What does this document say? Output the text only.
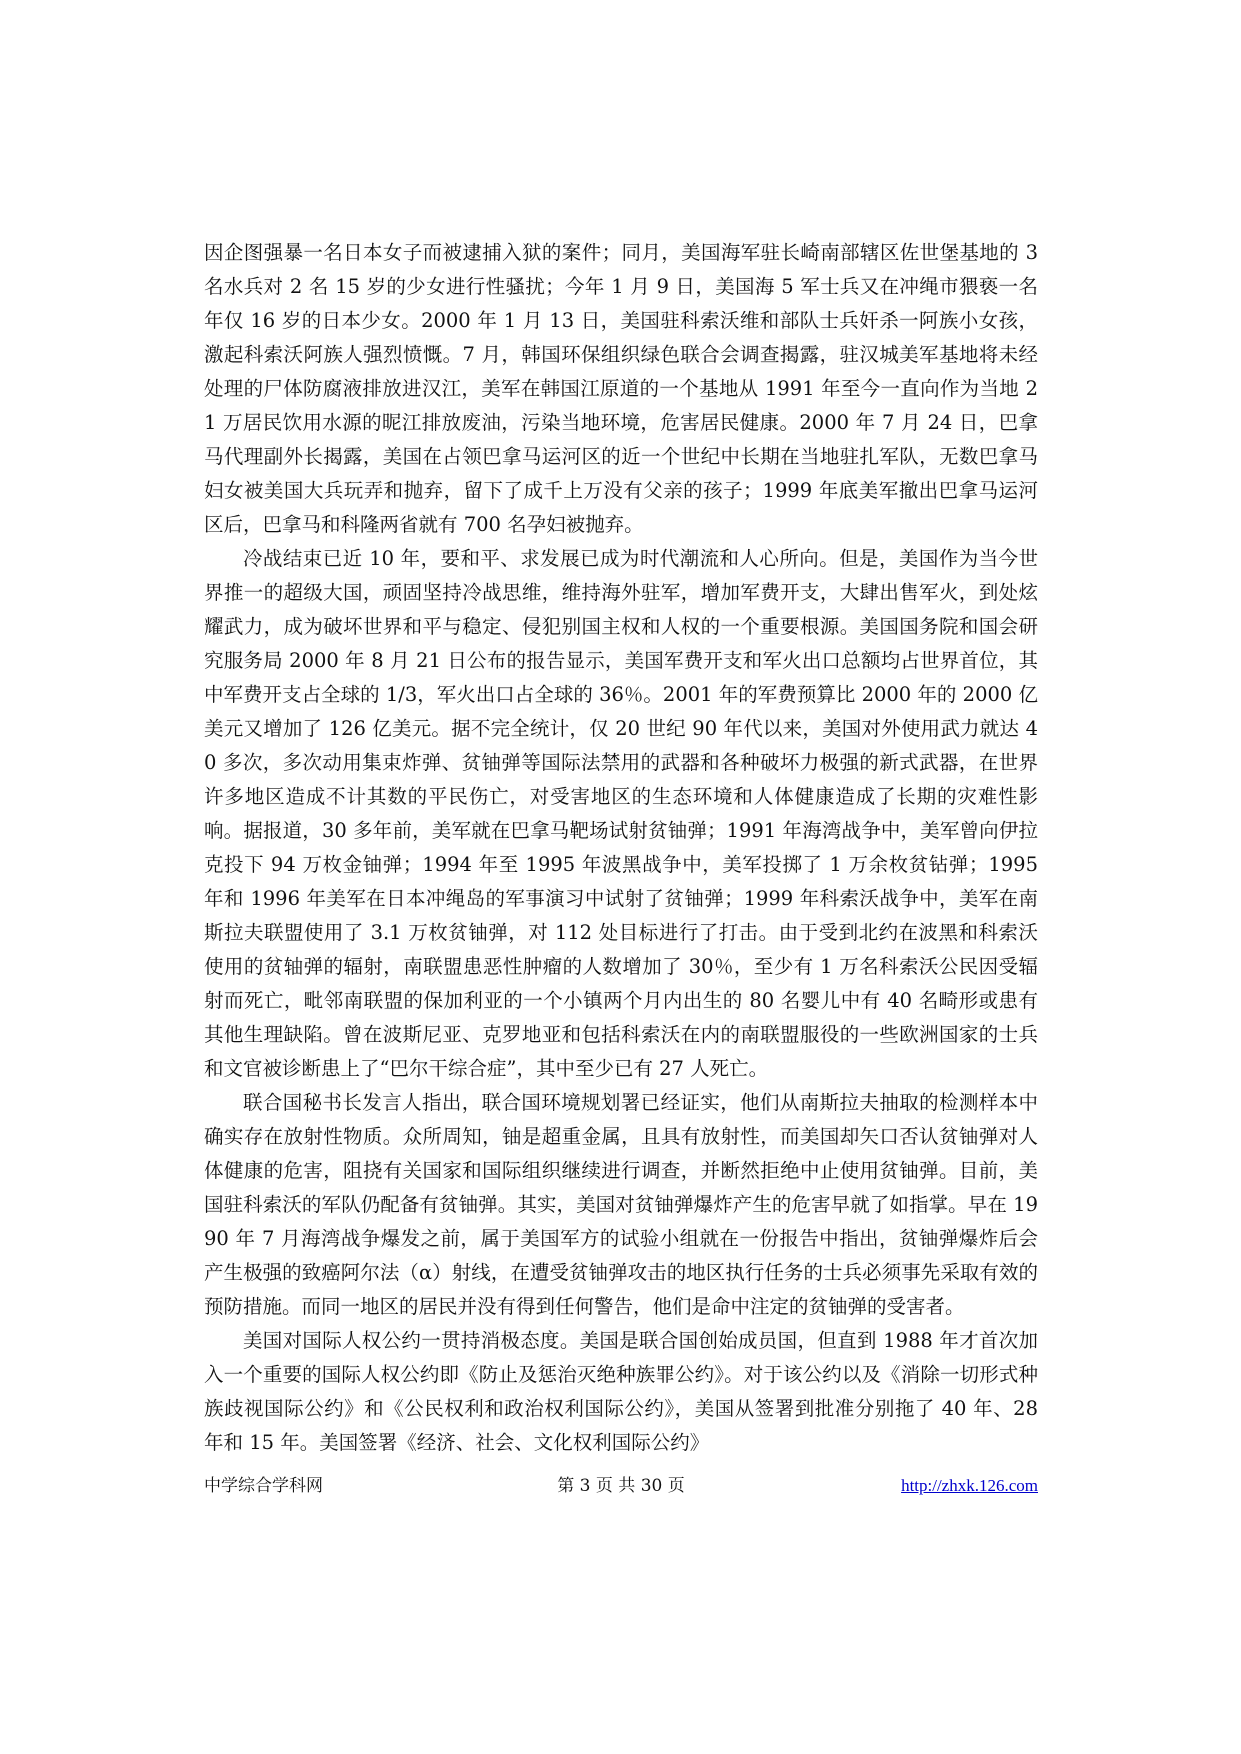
因企图强暴一名日本女子而被逮捕入狱的案件；同月，美国海军驻长崎南部辖区佐世堡基地的 3 名水兵对 2 名 15 岁的少女进行性骚扰；今年 1 月 9 日，美国海 5 军士兵又在冲绳市猥亵一名年仅 16 岁的日本少女。2000 年 1 月 13 日，美国驻科索沃维和部队士兵奸杀一阿族小女孩，激起科索沃阿族人强烈愤慨。7 月，韩国环保组织绿色联合会调查揭露，驻汉城美军基地将未经处理的尸体防腐液排放进汉江，美军在韩国江原道的一个基地从 1991 年至今一直向作为当地 21 万居民饮用水源的昵江排放废油，污染当地环境，危害居民健康。2000 年 7 月 24 日，巴拿马代理副外长揭露，美国在占领巴拿马运河区的近一个世纪中长期在当地驻扎军队，无数巴拿马妇女被美国大兵玩弄和抛弃，留下了成千上万没有父亲的孩子；1999 年底美军撤出巴拿马运河区后，巴拿马和科隆两省就有 700 名孕妇被抛弃。

冷战结束已近 10 年，要和平、求发展已成为时代潮流和人心所向。但是，美国作为当今世界推一的超级大国，顽固坚持冷战思维，维持海外驻军，增加军费开支，大肆出售军火，到处炫耀武力，成为破坏世界和平与稳定、侵犯别国主权和人权的一个重要根源。美国国务院和国会研究服务局 2000 年 8 月 21 日公布的报告显示，美国军费开支和军火出口总额均占世界首位，其中军费开支占全球的 1/3，军火出口占全球的 36％。2001 年的军费预算比 2000 年的 2000 亿美元又增加了 126 亿美元。据不完全统计，仅 20 世纪 90 年代以来，美国对外使用武力就达 40 多次，多次动用集束炸弹、贫铀弹等国际法禁用的武器和各种破坏力极强的新式武器，在世界许多地区造成不计其数的平民伤亡，对受害地区的生态环境和人体健康造成了长期的灾难性影响。据报道，30 多年前，美军就在巴拿马靶场试射贫铀弹；1991 年海湾战争中，美军曾向伊拉克投下 94 万枚金铀弹；1994 年至 1995 年波黑战争中，美军投掷了 1 万余枚贫钻弹；1995 年和 1996 年美军在日本冲绳岛的军事演习中试射了贫铀弹；1999 年科索沃战争中，美军在南斯拉夫联盟使用了 3.1 万枚贫铀弹，对 112 处目标进行了打击。由于受到北约在波黑和科索沃使用的贫轴弹的辐射，南联盟患恶性肿瘤的人数增加了 30％，至少有 1 万名科索沃公民因受辐射而死亡，毗邻南联盟的保加利亚的一个小镇两个月内出生的 80 名婴儿中有 40 名畸形或患有其他生理缺陷。曾在波斯尼亚、克罗地亚和包括科索沃在内的南联盟服役的一些欧洲国家的士兵和文官被诊断患上了“巴尔干综合症”，其中至少已有 27 人死亡。

联合国秘书长发言人指出，联合国环境规划署已经证实，他们从南斯拉夫抽取的检测样本中确实存在放射性物质。众所周知，铀是超重金属，且具有放射性，而美国却矢口否认贫铀弹对人体健康的危害，阻挠有关国家和国际组织继续进行调查，并断然拒绝中止使用贫铀弹。目前，美国驻科索沃的军队仍配备有贫铀弹。其实，美国对贫铀弹爆炸产生的危害早就了如指掌。早在 1990 年 7 月海湾战争爆发之前，属于美国军方的试验小组就在一份报告中指出，贫铀弹爆炸后会产生极强的致癌阿尔法（α）射线，在遭受贫铀弹攻击的地区执行任务的士兵必须事先采取有效的预防措施。而同一地区的居民并没有得到任何警告，他们是命中注定的贫铀弹的受害者。

美国对国际人权公约一贯持消极态度。美国是联合国创始成员国，但直到 1988 年才首次加入一个重要的国际人权公约即《防止及惩治灭绝种族罪公约》。对于该公约以及《消除一切形式种族歧视国际公约》和《公民权利和政治权利国际公约》，美国从签署到批准分别拖了 40 年、28 年和 15 年。美国签署《经济、社会、文化权利国际公约》

中学综合学科网	第 3 页 共 30 页	http://zhxk.126.com
